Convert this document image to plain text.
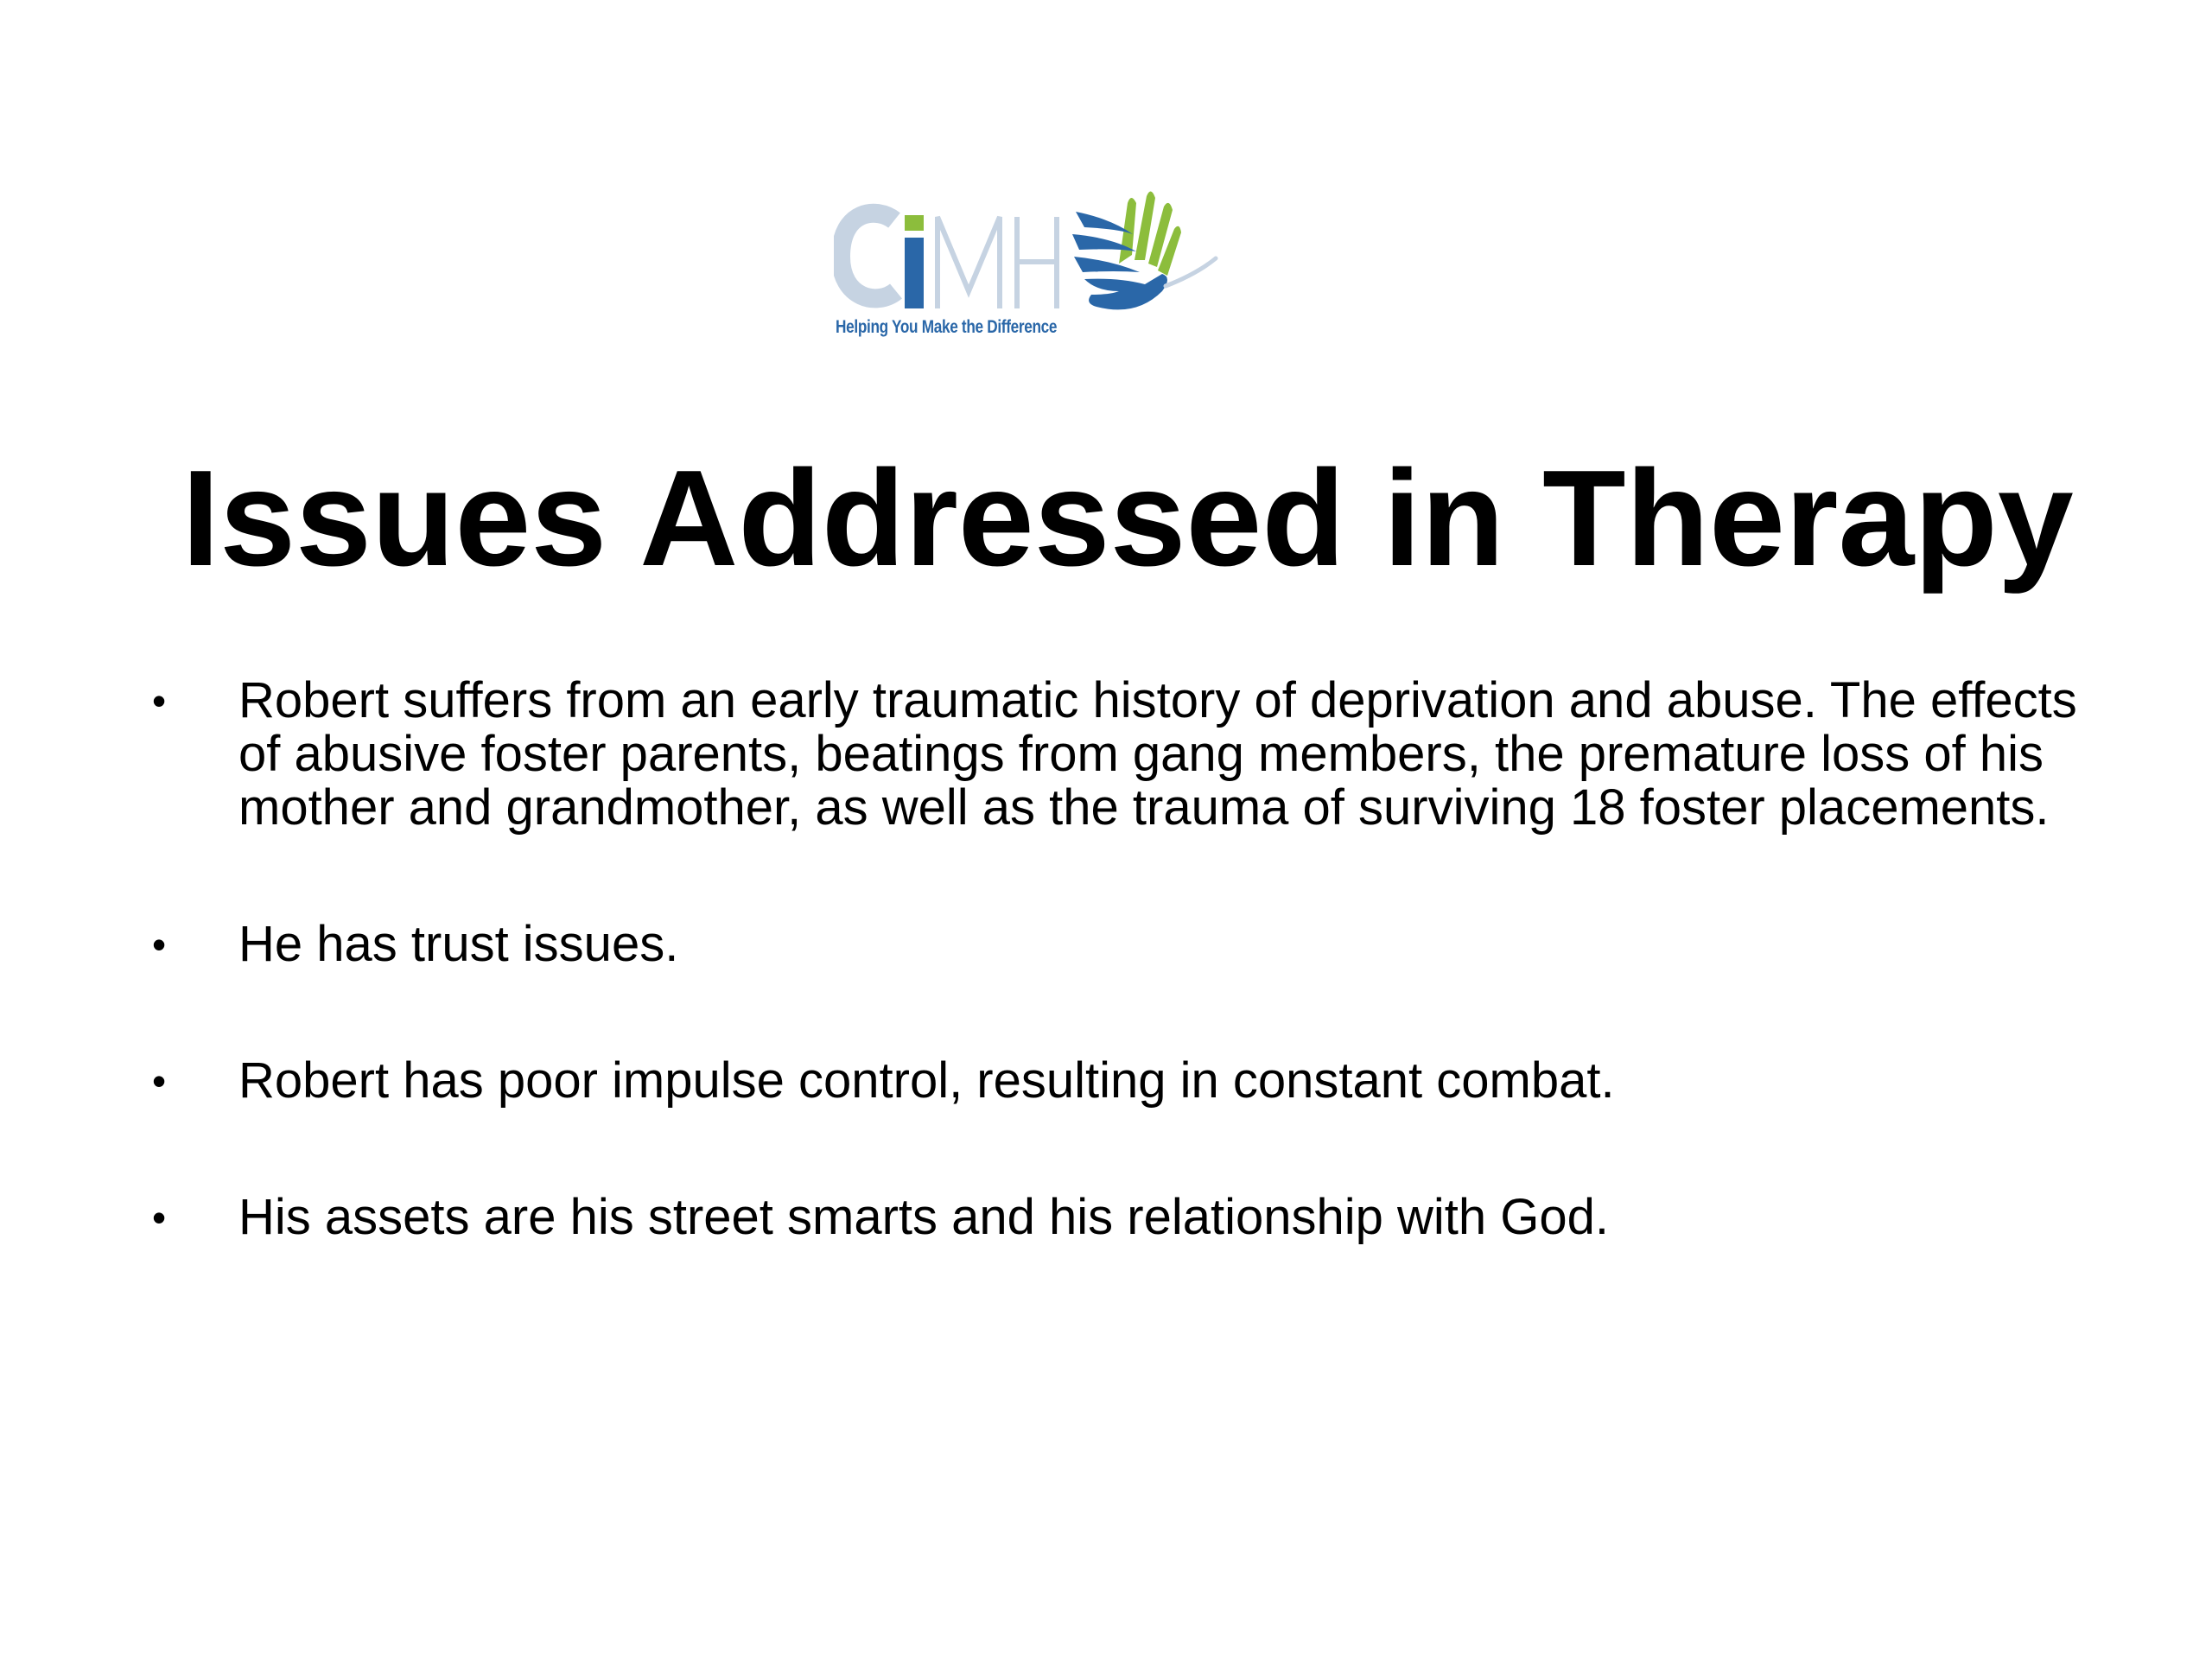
Helping You Make the Difference
Issues Addressed in Therapy
• Robert suffers from an early traumatic history of deprivation and abuse. The effects of abusive foster parents, beatings from gang members, the premature loss of his mother and grandmother, as well as the trauma of surviving 18 foster placements.
• He has trust issues.
• Robert has poor impulse control, resulting in constant combat.
• His assets are his street smarts and his relationship with God.
